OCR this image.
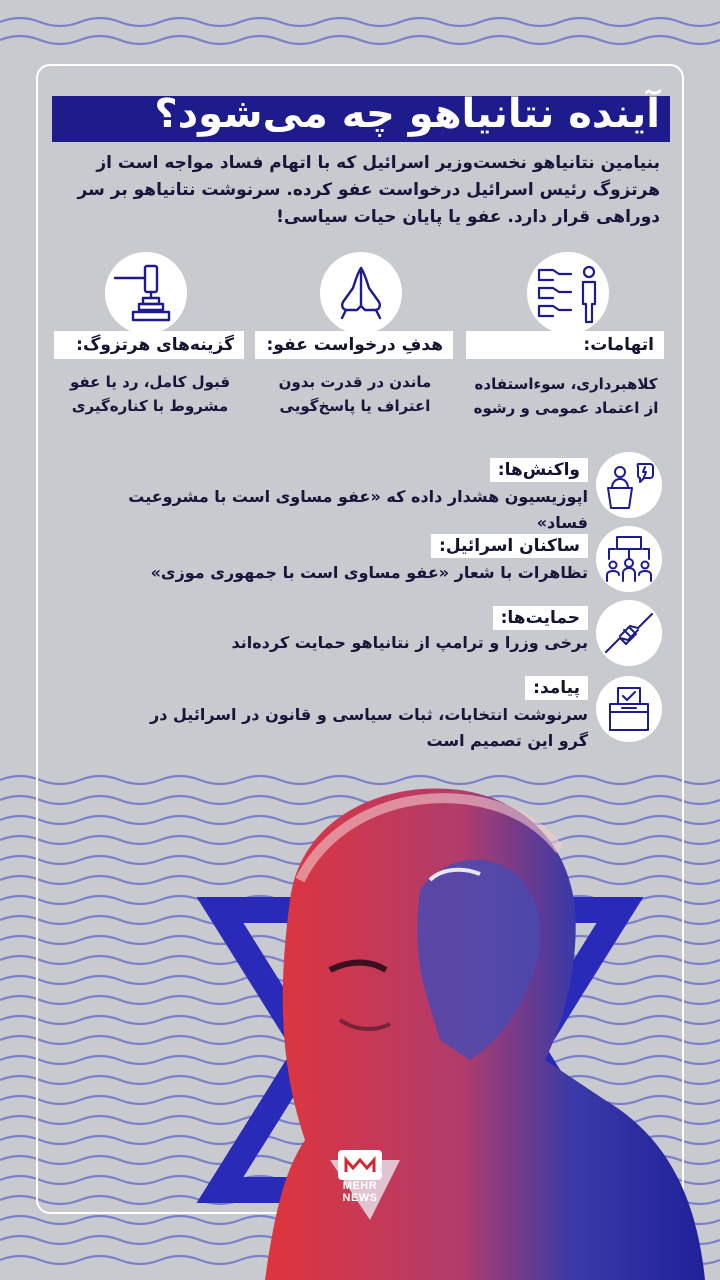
آینده نتانیاهو چه می‌شود؟
بنیامین نتانیاهو نخست‌وزیر اسرائیل که با اتهام فساد مواجه است از هرتزوگ رئیس اسرائیل درخواست عفو کرده. سرنوشت نتانیاهو بر سر دوراهی قرار دارد. عفو یا پایان حیات سیاسی!
اتهامات:
هدفِ درخواست عفو:
گزینه‌های هرتزوگ:
کلاهبرداری، سوءاستفاده از اعتماد عمومی و رشوه
ماندن در قدرت بدون اعتراف یا پاسخ‌گویی
قبول کامل، رد یا عفو مشروط با کناره‌گیری
واکنش‌ها:
اپوزیسیون هشدار داده که «عفو مساوی است با مشروعیت فساد»
ساکنان اسرائیل:
تظاهرات با شعار «عفو مساوی است با جمهوری موزی»
حمایت‌ها:
برخی وزرا و ترامپ از نتانیاهو حمایت کرده‌اند
پیامد:
سرنوشت انتخابات، ثبات سیاسی و قانون در اسرائیل در گرو این تصمیم است
MEHR
NEWS
